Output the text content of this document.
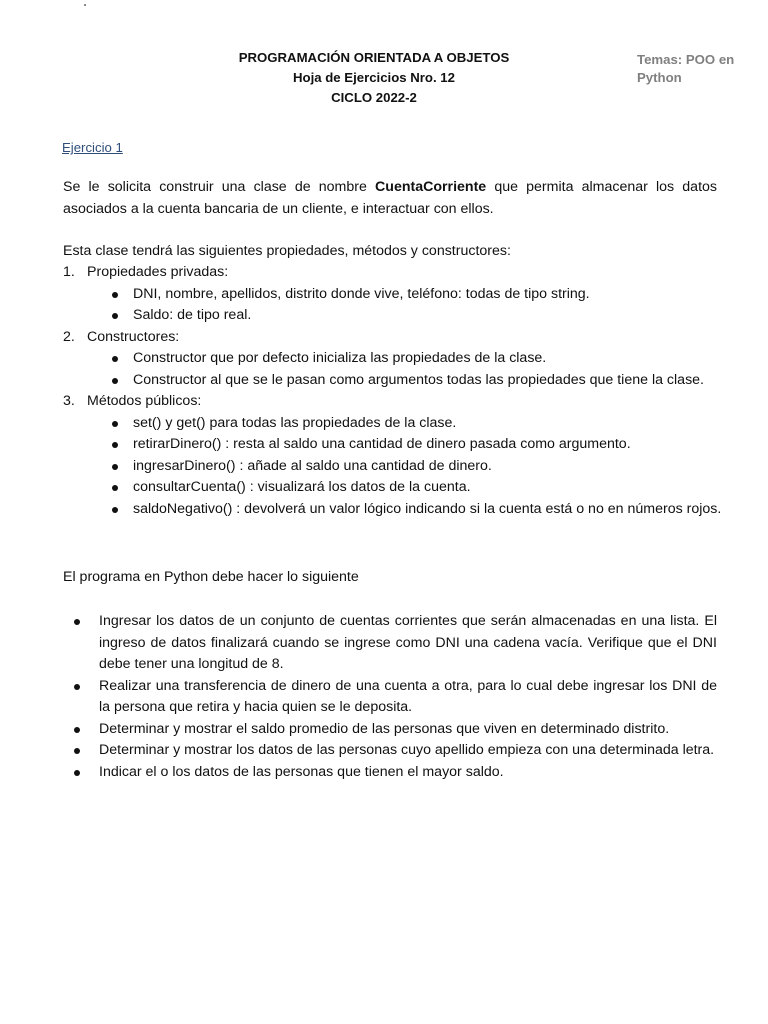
PROGRAMACIÓN ORIENTADA A OBJETOS
Hoja de Ejercicios Nro. 12
CICLO 2022-2
Temas: POO en Python
Ejercicio 1
Se le solicita construir una clase de nombre CuentaCorriente que permita almacenar los datos asociados a la cuenta bancaria de un cliente, e interactuar con ellos.
Esta clase tendrá las siguientes propiedades, métodos y constructores:
1. Propiedades privadas:
DNI, nombre, apellidos, distrito donde vive, teléfono: todas de tipo string.
Saldo: de tipo real.
2. Constructores:
Constructor que por defecto inicializa las propiedades de la clase.
Constructor al que se le pasan como argumentos todas las propiedades que tiene la clase.
3. Métodos públicos:
set() y get() para todas las propiedades de la clase.
retirarDinero() : resta al saldo una cantidad de dinero pasada como argumento.
ingresarDinero() : añade al saldo una cantidad de dinero.
consultarCuenta() : visualizará los datos de la cuenta.
saldoNegativo() : devolverá un valor lógico indicando si la cuenta está o no en números rojos.
El programa en Python debe hacer lo siguiente
Ingresar los datos de un conjunto de cuentas corrientes que serán almacenadas en una lista. El ingreso de datos finalizará cuando se ingrese como DNI una cadena vacía. Verifique que el DNI debe tener una longitud de 8.
Realizar una transferencia de dinero de una cuenta a otra, para lo cual debe ingresar los DNI de la persona que retira y hacia quien se le deposita.
Determinar y mostrar el saldo promedio de las personas que viven en determinado distrito.
Determinar y mostrar los datos de las personas cuyo apellido empieza con una determinada letra.
Indicar el o los datos de las personas que tienen el mayor saldo.
